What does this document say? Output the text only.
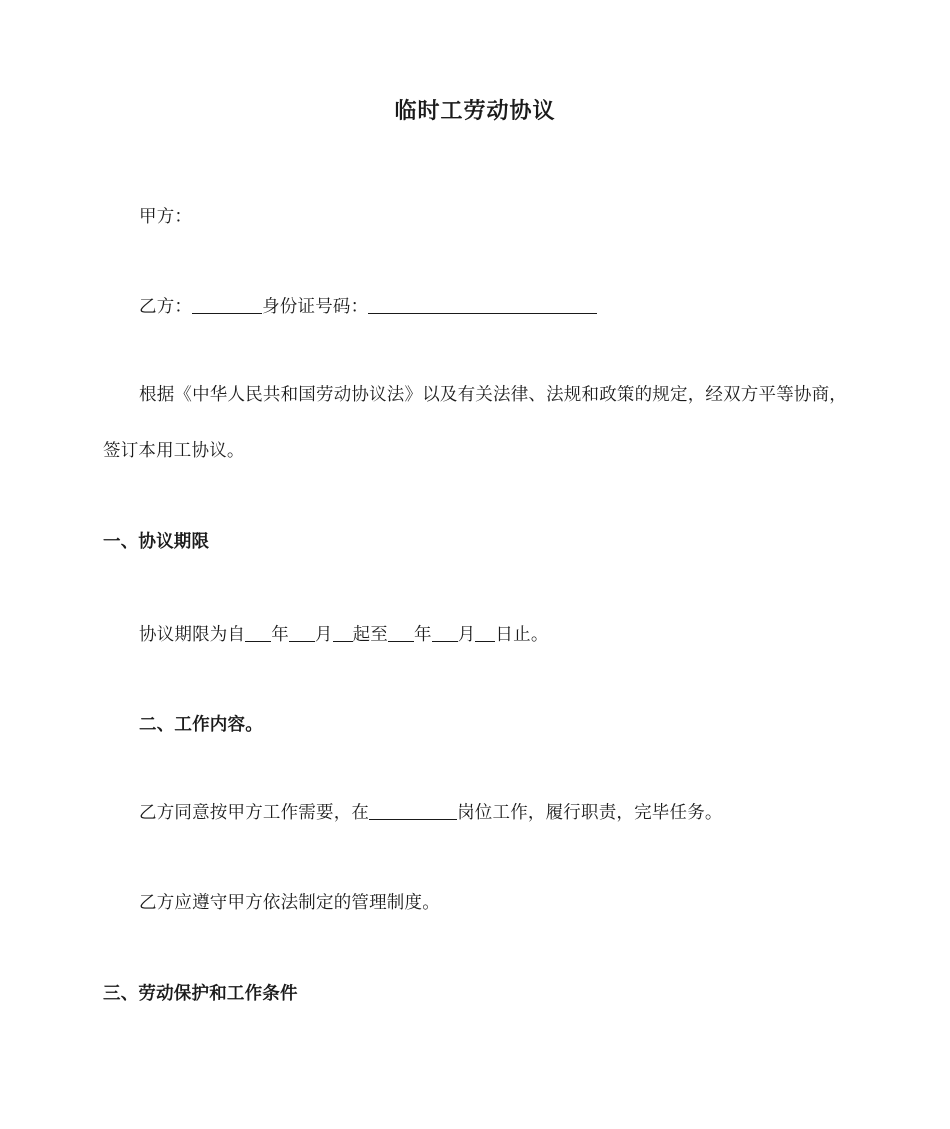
临时工劳动协议
甲方：
乙方：	身份证号码：
根据《中华人民共和国劳动协议法》以及有关法律、法规和政策的规定，经双方平等协商，
签订本用工协议。
一、协议期限
协议期限为自 年 月 起至 年 月 日止。
二、工作内容。
乙方同意按甲方工作需要，在	岗位工作，履行职责，完毕任务。
乙方应遵守甲方依法制定的管理制度。
三、劳动保护和工作条件
